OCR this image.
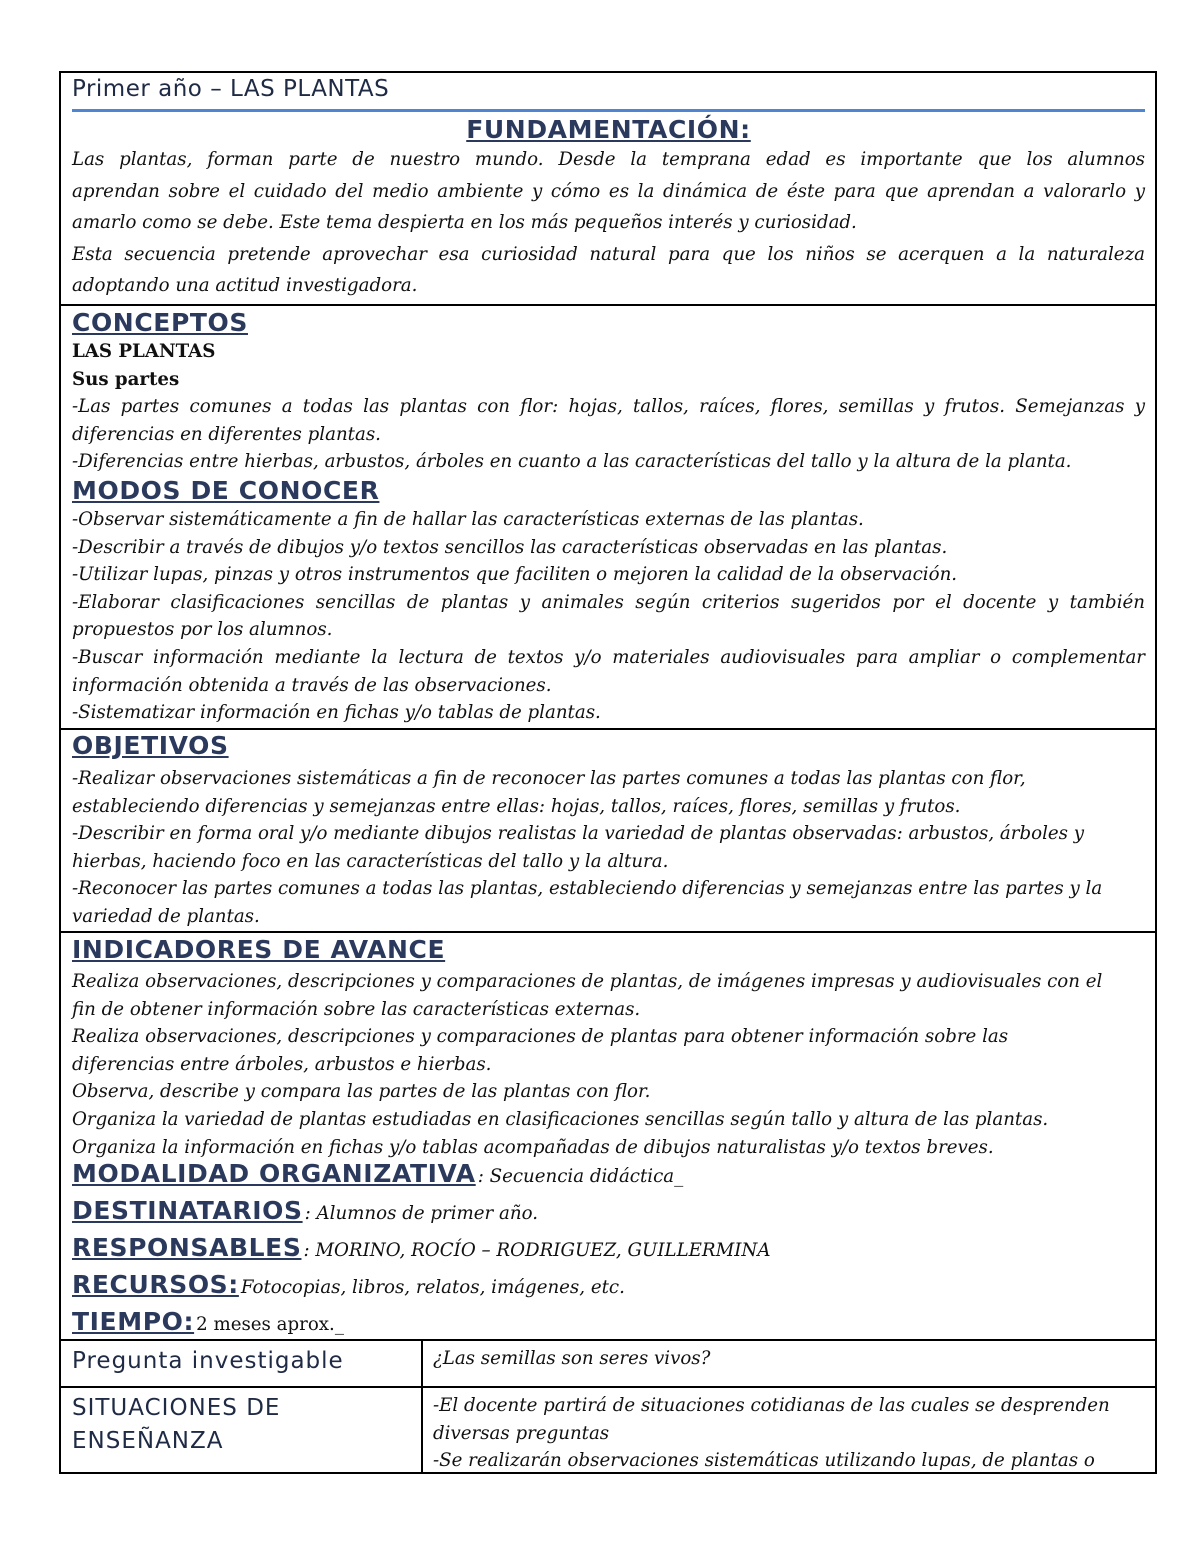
Primer año – LAS PLANTAS
FUNDAMENTACIÓN:

Las plantas, forman parte de nuestro mundo. Desde la temprana edad es importante que los alumnos

aprendan sobre el cuidado del medio ambiente y cómo es la dinámica de éste para que aprendan a valorarlo y

amarlo como se debe. Este tema despierta en los más pequeños interés y curiosidad.

Esta secuencia pretende aprovechar esa curiosidad natural para que los niños se acerquen a la naturaleza

adoptando una actitud investigadora.

CONCEPTOS

LAS PLANTAS

Sus partes

-Las partes comunes a todas las plantas con flor: hojas, tallos, raíces, flores, semillas y frutos. Semejanzas y

diferencias en diferentes plantas.

-Diferencias entre hierbas, arbustos, árboles en cuanto a las características del tallo y la altura de la planta.

MODOS DE CONOCER

-Observar sistemáticamente a fin de hallar las características externas de las plantas.

-Describir a través de dibujos y/o textos sencillos las características observadas en las plantas.

-Utilizar lupas, pinzas y otros instrumentos que faciliten o mejoren la calidad de la observación.

-Elaborar clasificaciones sencillas de plantas y animales según criterios sugeridos por el docente y también

propuestos por los alumnos.

-Buscar información mediante la lectura de textos y/o materiales audiovisuales para ampliar o complementar

información obtenida a través de las observaciones.

-Sistematizar información en fichas y/o tablas de plantas.

OBJETIVOS

-Realizar observaciones sistemáticas a fin de reconocer las partes comunes a todas las plantas con flor,

estableciendo diferencias y semejanzas entre ellas: hojas, tallos, raíces, flores, semillas y frutos.

-Describir en forma oral y/o mediante dibujos realistas la variedad de plantas observadas: arbustos, árboles y

hierbas, haciendo foco en las características del tallo y la altura.

-Reconocer las partes comunes a todas las plantas, estableciendo diferencias y semejanzas entre las partes y la

variedad de plantas.

INDICADORES DE AVANCE

Realiza observaciones, descripciones y comparaciones de plantas, de imágenes impresas y audiovisuales con el

fin de obtener información sobre las características externas.

Realiza observaciones, descripciones y comparaciones de plantas para obtener información sobre las

diferencias entre árboles, arbustos e hierbas.

Observa, describe y compara las partes de las plantas con flor.

Organiza la variedad de plantas estudiadas en clasificaciones sencillas según tallo y altura de las plantas.

Organiza la información en fichas y/o tablas acompañadas de dibujos naturalistas y/o textos breves.

MODALIDAD ORGANIZATIVA : Secuencia didáctica_
DESTINATARIOS : Alumnos de primer año.
RESPONSABLES : MORINO, ROCÍO – RODRIGUEZ, GUILLERMINA
RECURSOS: Fotocopias, libros, relatos, imágenes, etc.
TIEMPO: 2 meses aprox._
Pregunta investigable	¿Las semillas son seres vivos?

SITUACIONES DE
ENSEÑANZA

-El docente partirá de situaciones cotidianas de las cuales se desprenden

diversas preguntas

-Se realizarán observaciones sistemáticas utilizando lupas, de plantas o
